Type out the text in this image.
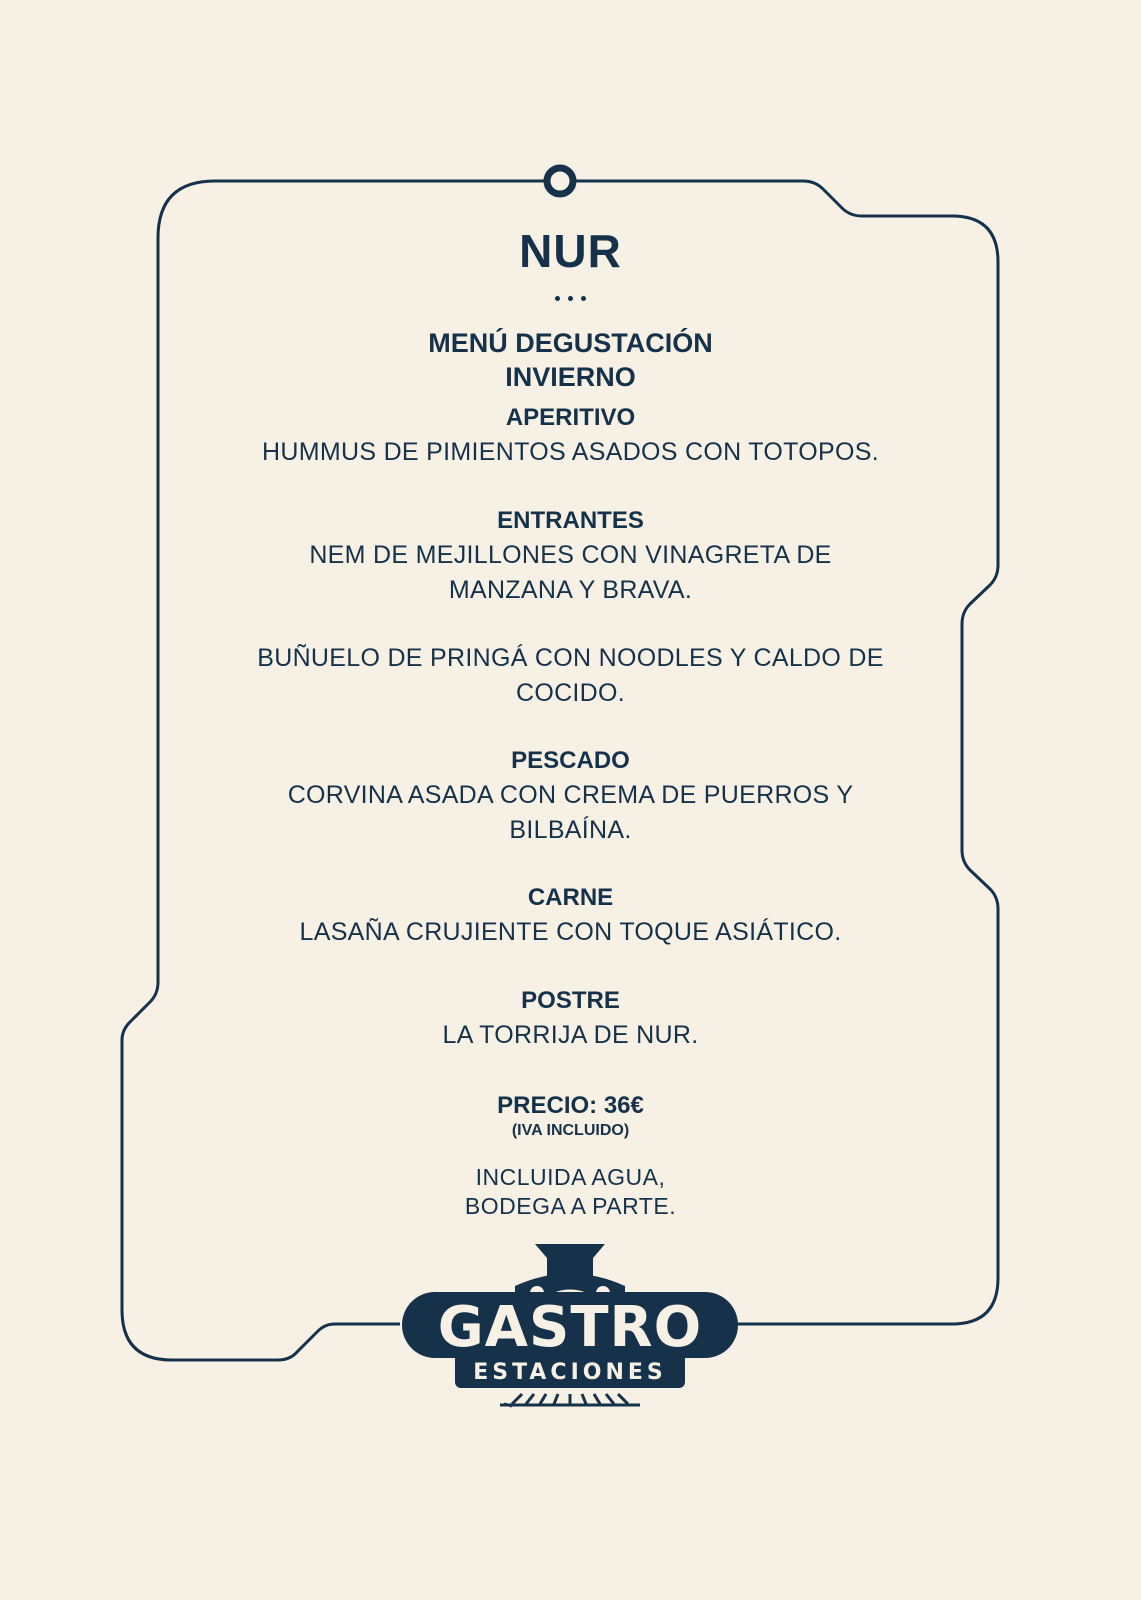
NUR
MENÚ DEGUSTACIÓN
INVIERNO
APERITIVO
HUMMUS DE PIMIENTOS ASADOS CON TOTOPOS.
ENTRANTES
NEM DE MEJILLONES CON VINAGRETA DE
MANZANA Y BRAVA.
BUÑUELO DE PRINGÁ CON NOODLES Y CALDO DE
COCIDO.
PESCADO
CORVINA ASADA CON CREMA DE PUERROS Y
BILBAÍNA.
CARNE
LASAÑA CRUJIENTE CON TOQUE ASIÁTICO.
POSTRE
LA TORRIJA DE NUR.
PRECIO: 36€
(IVA INCLUIDO)
INCLUIDA AGUA,
BODEGA A PARTE.
GASTRO
ESTACIONES
